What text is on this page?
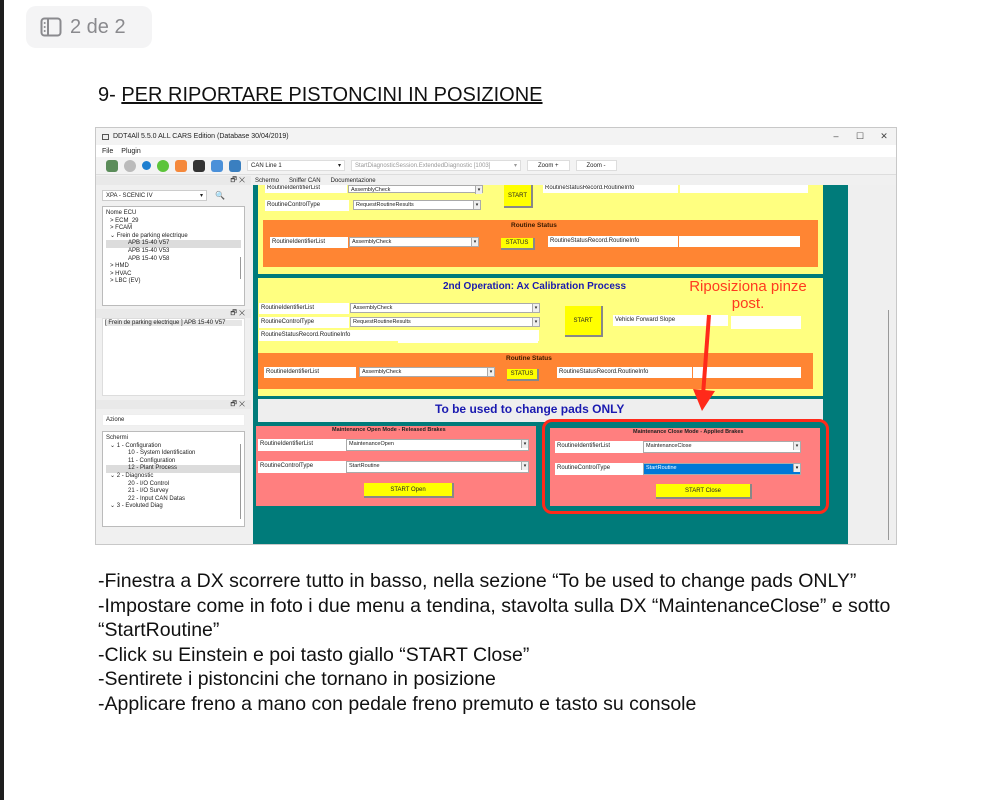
2 de 2
9- PER RIPORTARE PISTONCINI IN POSIZIONE
DDT4All 5.5.0 ALL CARS Edition (Database 30/04/2019)	–	☐	✕
File Plugin
CAN Line 1	▾ StartDiagnosticSession.ExtendedDiagnostic [1003]	▾	Zoom +	Zoom -
Schermo Sniffer CAN Documentazione
🗗 ✕
XPA - SCENIC IV	▾ 🔍
Nome ECU
> ECM_29
> FCAM
⌄ Frein de parking electrique
APB 15-40 V57
APB 15-40 V53
APB 15-40 V58
> HMD
> HVAC
> LBC (EV)
🗗 ✕
[ Frein de parking electrique ] APB 15-40 V57
🗗 ✕
Azione
Schermi
⌄ 1 - Configuration
10 - System Identification
11 - Configuration
12 - Plant Process
⌄ 2 - Diagnostic
20 - I/O Control
21 - I/O Survey
22 - Input CAN Datas
⌄ 3 - Evoluted Diag
RoutineIdentifierList	AssemblyCheck	▾
RoutineControlType	RequestRoutineResults	▾
START
RoutineStatusRecord.RoutineInfo
Routine Status
RoutineIdentifierList	AssemblyCheck	▾	STATUS	RoutineStatusRecord.RoutineInfo
2nd Operation: Ax Calibration Process
RoutineIdentifierList	AssemblyCheck	▾
RoutineControlType	RequestRoutineResults	▾
RoutineStatusRecord.RoutineInfo
START	Vehicle Forward Slope
Routine Status
RoutineIdentifierList	AssemblyCheck	▾	STATUS	RoutineStatusRecord.RoutineInfo
To be used to change pads ONLY
Maintenance Open Mode - Released Brakes
RoutineIdentifierList	MaintenanceOpen	▾
RoutineControlType	StartRoutine	▾
START Open
Maintenance Close Mode - Applied Brakes
RoutineIdentifierList	MaintenanceClose	▾
RoutineControlType	StartRoutine	▾
START Close
Riposiziona pinze
post.
-Finestra a DX scorrere tutto in basso, nella sezione “To be used to change pads ONLY”
-Impostare come in foto i due menu a tendina, stavolta sulla DX “MaintenanceClose” e sotto “StartRoutine”
-Click su Einstein e poi tasto giallo “START Close”
-Sentirete i pistoncini che tornano in posizione
-Applicare freno a mano con pedale freno premuto e tasto su console
